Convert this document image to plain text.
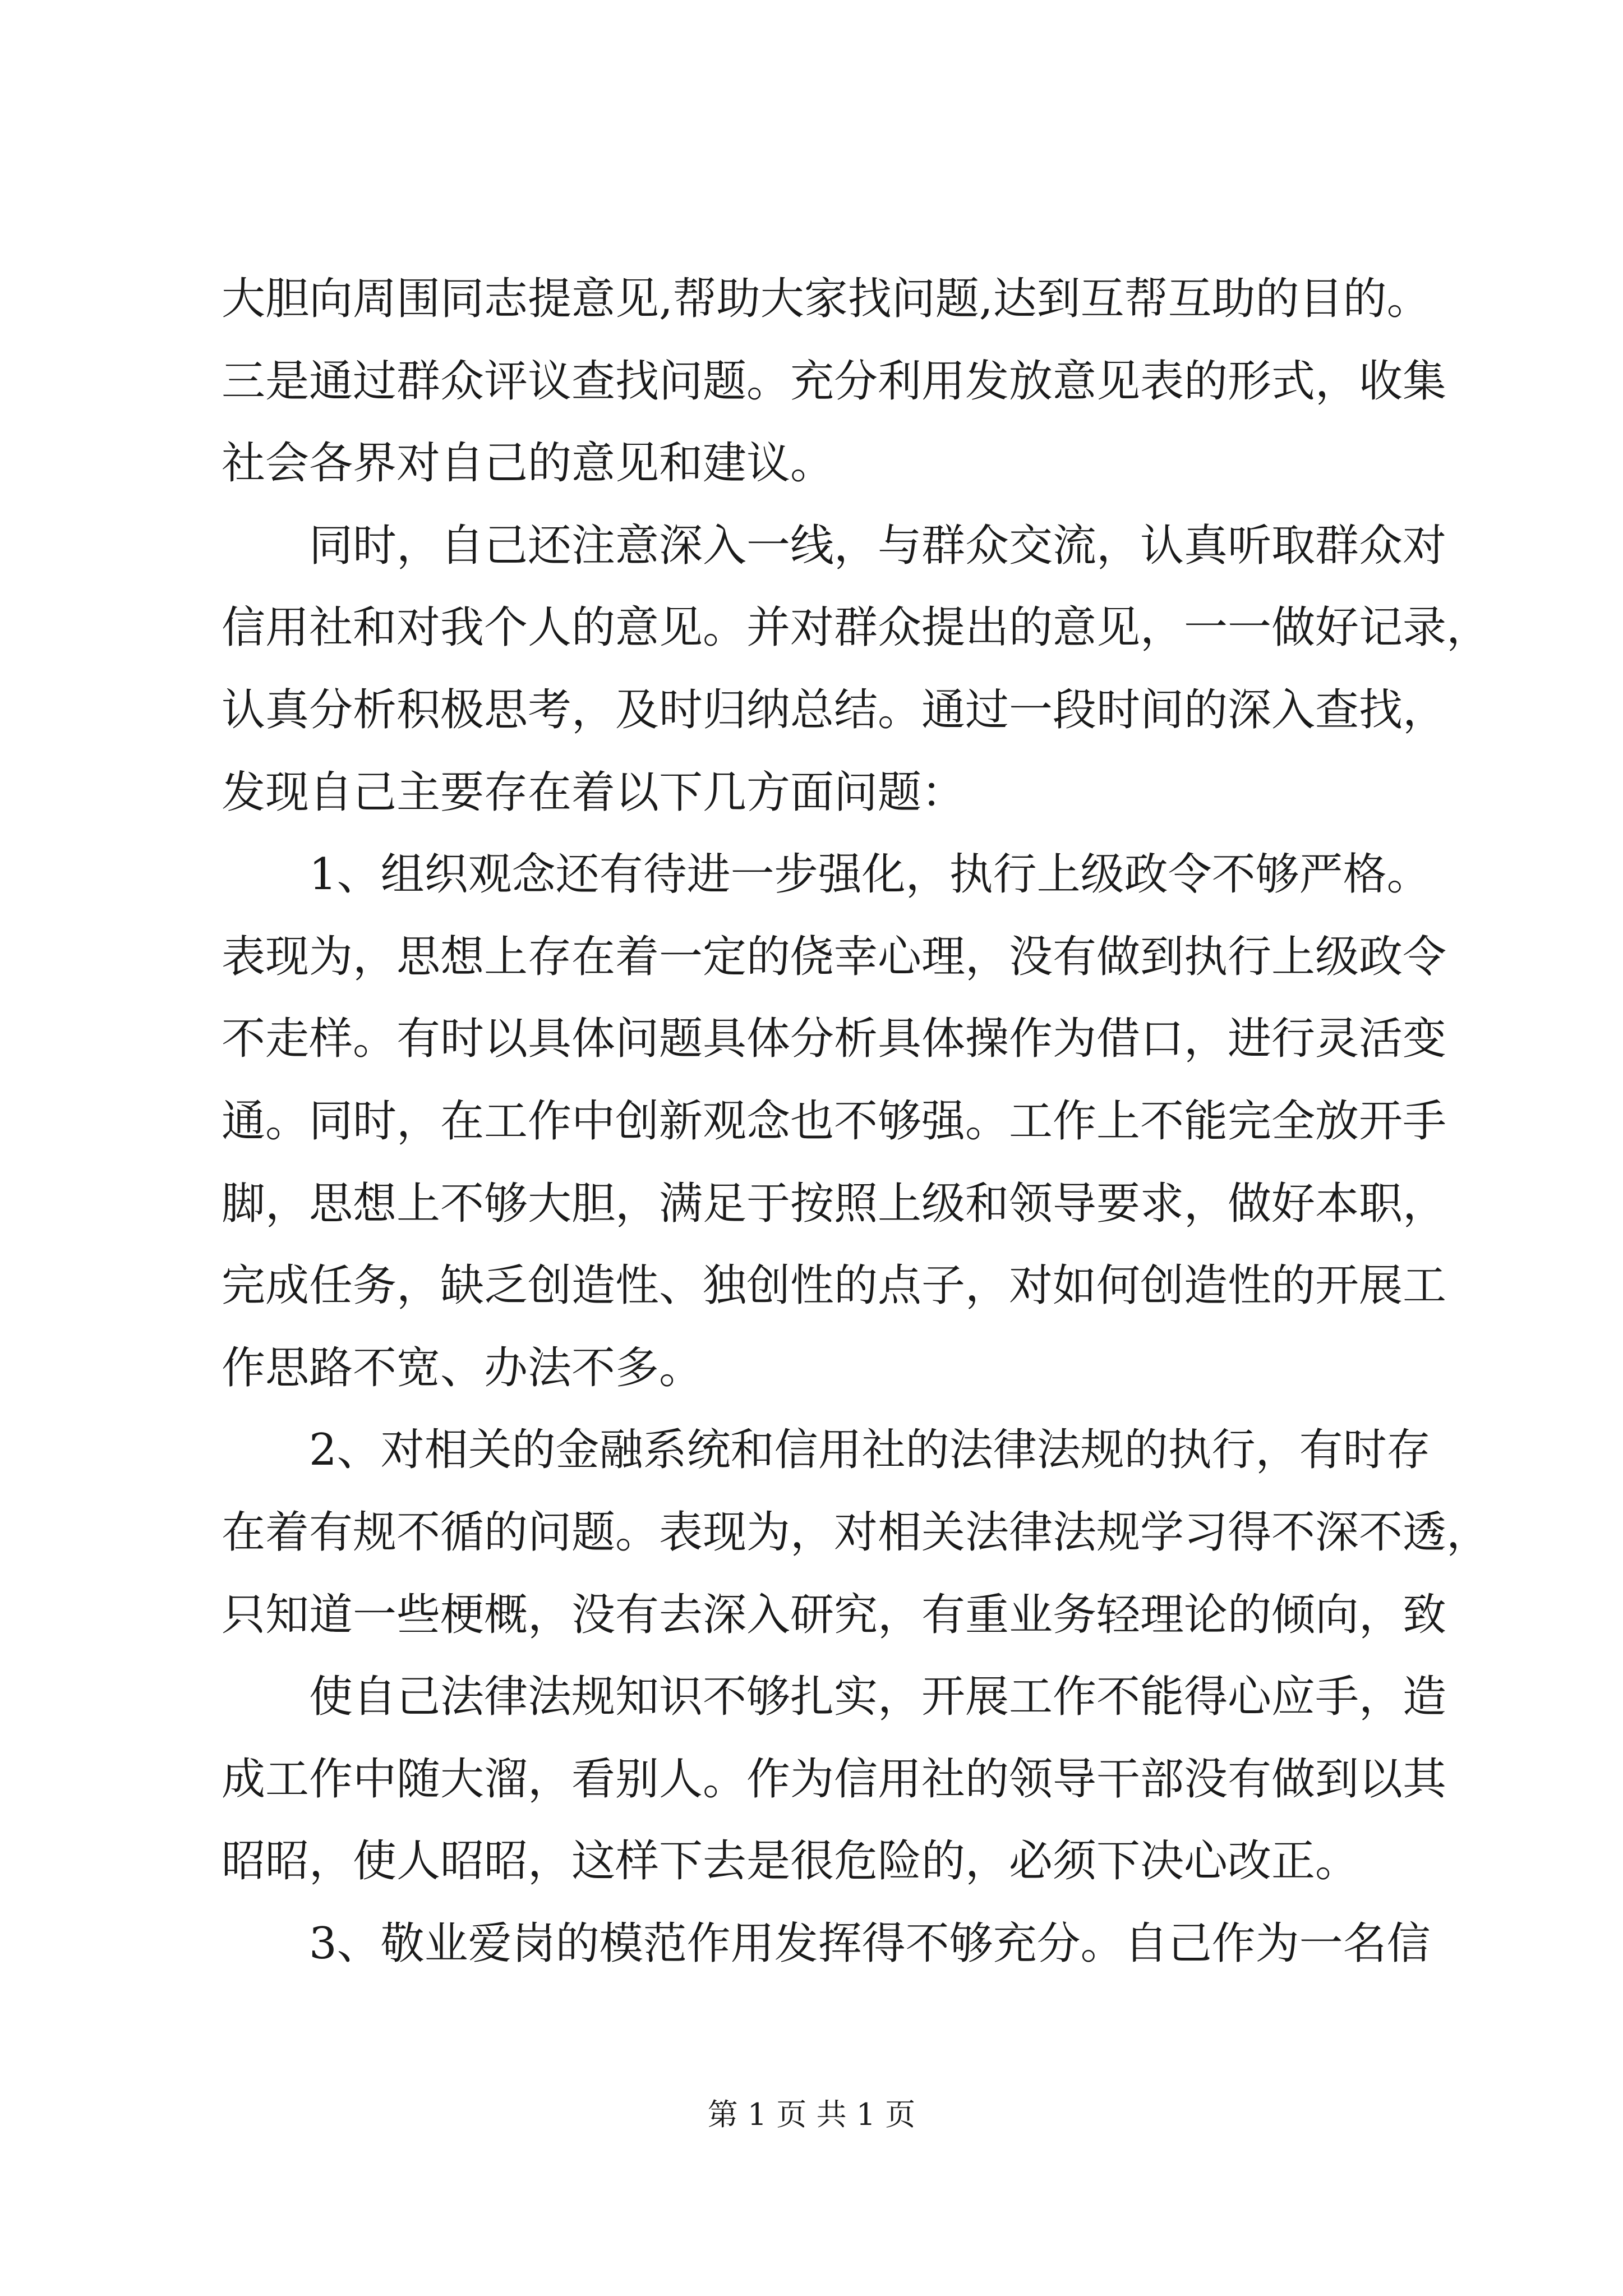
大胆向周围同志提意见,帮助大家找问题,达到互帮互助的目的。
三是通过群众评议查找问题。充分利用发放意见表的形式，收集
社会各界对自己的意见和建议。
同时，自己还注意深入一线，与群众交流，认真听取群众对
信用社和对我个人的意见。并对群众提出的意见，一一做好记录，
认真分析积极思考，及时归纳总结。通过一段时间的深入查找，
发现自己主要存在着以下几方面问题：
1、组织观念还有待进一步强化，执行上级政令不够严格。
表现为，思想上存在着一定的侥幸心理，没有做到执行上级政令
不走样。有时以具体问题具体分析具体操作为借口，进行灵活变
通。同时，在工作中创新观念也不够强。工作上不能完全放开手
脚，思想上不够大胆，满足于按照上级和领导要求，做好本职，
完成任务，缺乏创造性、独创性的点子，对如何创造性的开展工
作思路不宽、办法不多。
2、对相关的金融系统和信用社的法律法规的执行，有时存
在着有规不循的问题。表现为，对相关法律法规学习得不深不透，
只知道一些梗概，没有去深入研究，有重业务轻理论的倾向，致
使自己法律法规知识不够扎实，开展工作不能得心应手，造
成工作中随大溜，看别人。作为信用社的领导干部没有做到以其
昭昭，使人昭昭，这样下去是很危险的，必须下决心改正。
3、敬业爱岗的模范作用发挥得不够充分。自己作为一名信
第 1 页 共 1 页
